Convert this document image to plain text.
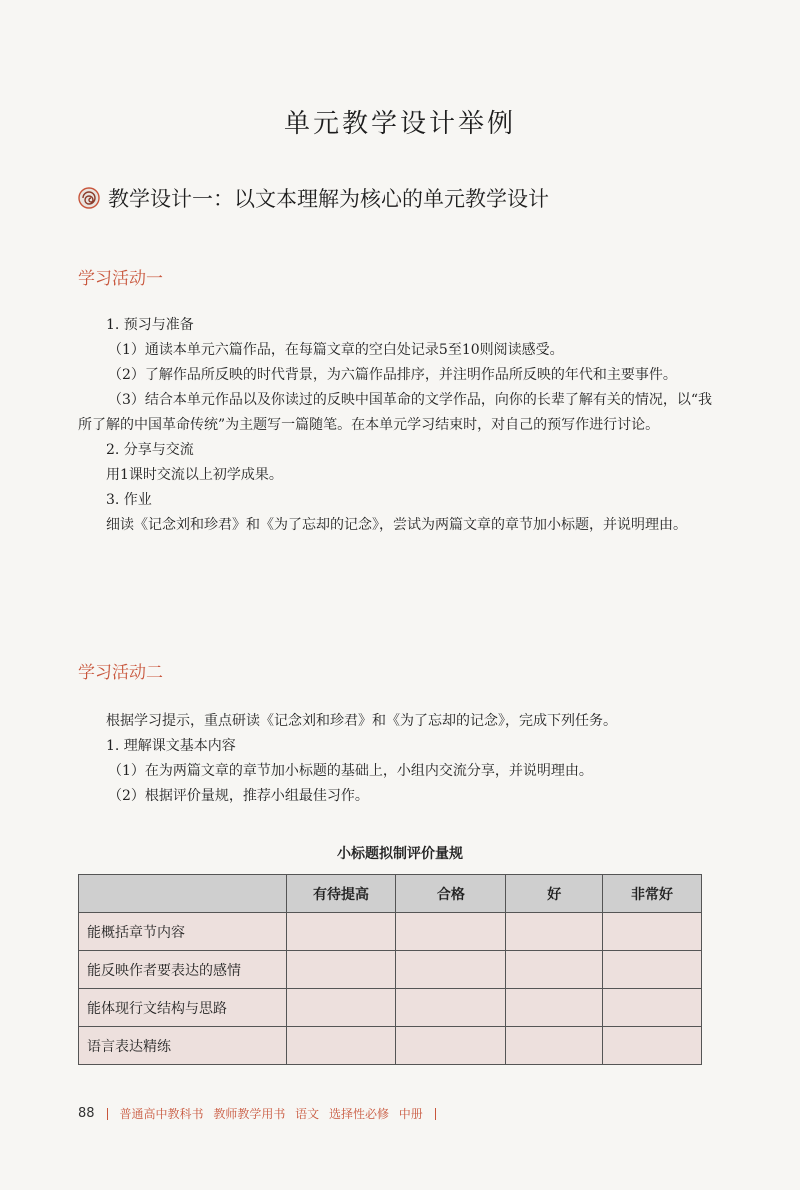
单元教学设计举例
教学设计一：以文本理解为核心的单元教学设计
学习活动一

1. 预习与准备

（1）通读本单元六篇作品，在每篇文章的空白处记录5至10则阅读感受。

（2）了解作品所反映的时代背景，为六篇作品排序，并注明作品所反映的年代和主要事件。

（3）结合本单元作品以及你读过的反映中国革命的文学作品，向你的长辈了解有关的情况，以“我所了解的中国革命传统”为主题写一篇随笔。在本单元学习结束时，对自己的预写作进行讨论。

2. 分享与交流

用1课时交流以上初学成果。

3. 作业

细读《记念刘和珍君》和《为了忘却的记念》，尝试为两篇文章的章节加小标题，并说明理由。

学习活动二

根据学习提示，重点研读《记念刘和珍君》和《为了忘却的记念》，完成下列任务。

1. 理解课文基本内容

（1）在为两篇文章的章节加小标题的基础上，小组内交流分享，并说明理由。

（2）根据评价量规，推荐小组最佳习作。

小标题拟制评价量规
	有待提高	合格	好	非常好
能概括章节内容				
能反映作者要表达的感情				
能体现行文结构与思路				
语言表达精练				
88 普通高中教科书 教师教学用书 语文 选择性必修 中册
